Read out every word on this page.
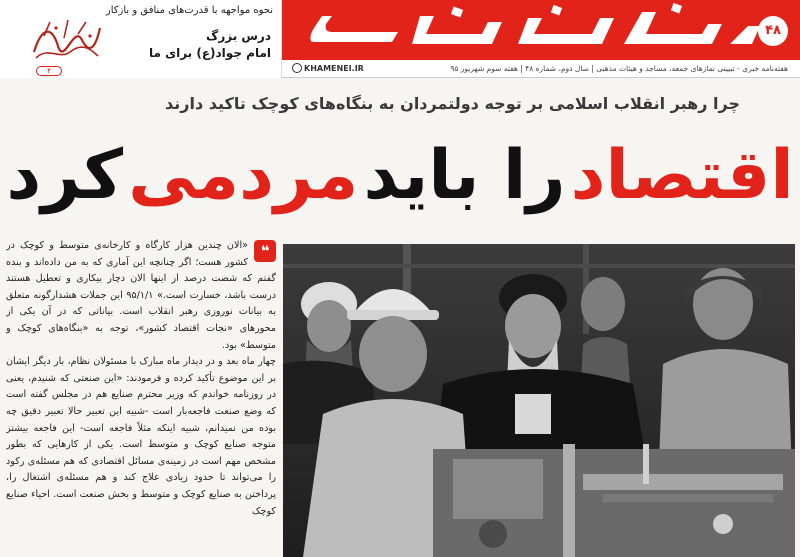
نحوه مواجهه با قدرت‌های منافق و بازکار
درس بزرگ
امام جواد(ع) برای ما
۴
۴۸
هفته‌نامه خبری - تبیینی نمازهای جمعه، مساجد و هیئات مذهبی | سال دوم، شماره ۴۸ | هفته سوم شهریور ۹۵
KHAMENEI.IR
چرا رهبر انقلاب اسلامی بر توجه دولتمردان به بنگاه‌های کوچک تاکید دارند
اقتصاد را باید مردمی کرد
❝

«الان چندین هزار کارگاه و کارخانه‌ی متوسط و کوچک در کشور هست؛ اگر چنانچه این آماری که به من داده‌اند و بنده گفتم که شصت درصد از اینها الان دچار بیکاری و تعطیل هستند درست باشد، خسارت است.» ۹۵/۱/۱ این جملات هشدارگونه متعلق به بیانات نوروزی رهبر انقلاب است. بیاناتی که در آن یکی از محورهای «نجات اقتصاد کشور»، توجه به «بنگاه‌های کوچک و متوسط» بود.

چهار ماه بعد و در دیدار ماه مبارک با مسئولان نظام، بار دیگر ایشان بر این موضوع تأکید کرده و فرمودند: «این صنعتی که شنیدم، یعنی در روزنامه خواندم که وزیر محترم صنایع هم در مجلس گفته است که وضع صنعت فاجعه‌بار است -شبیه این تعبیر حالا تعبیر دقیق چه بوده من نمیدانم، شبیه اینکه مثلاً فاجعه است- این فاجعه بیشتر متوجه صنایع کوچک و متوسط است. یکی از کارهایی که بطور مشخص مهم است در زمینه‌ی مسائل اقتصادی که هم مسئله‌ی رکود را می‌تواند تا حدود زیادی علاج کند و هم مسئله‌ی اشتغال را، پرداختن به صنایع کوچک و متوسط و بخش صنعت است. احیاء صنایع کوچک
